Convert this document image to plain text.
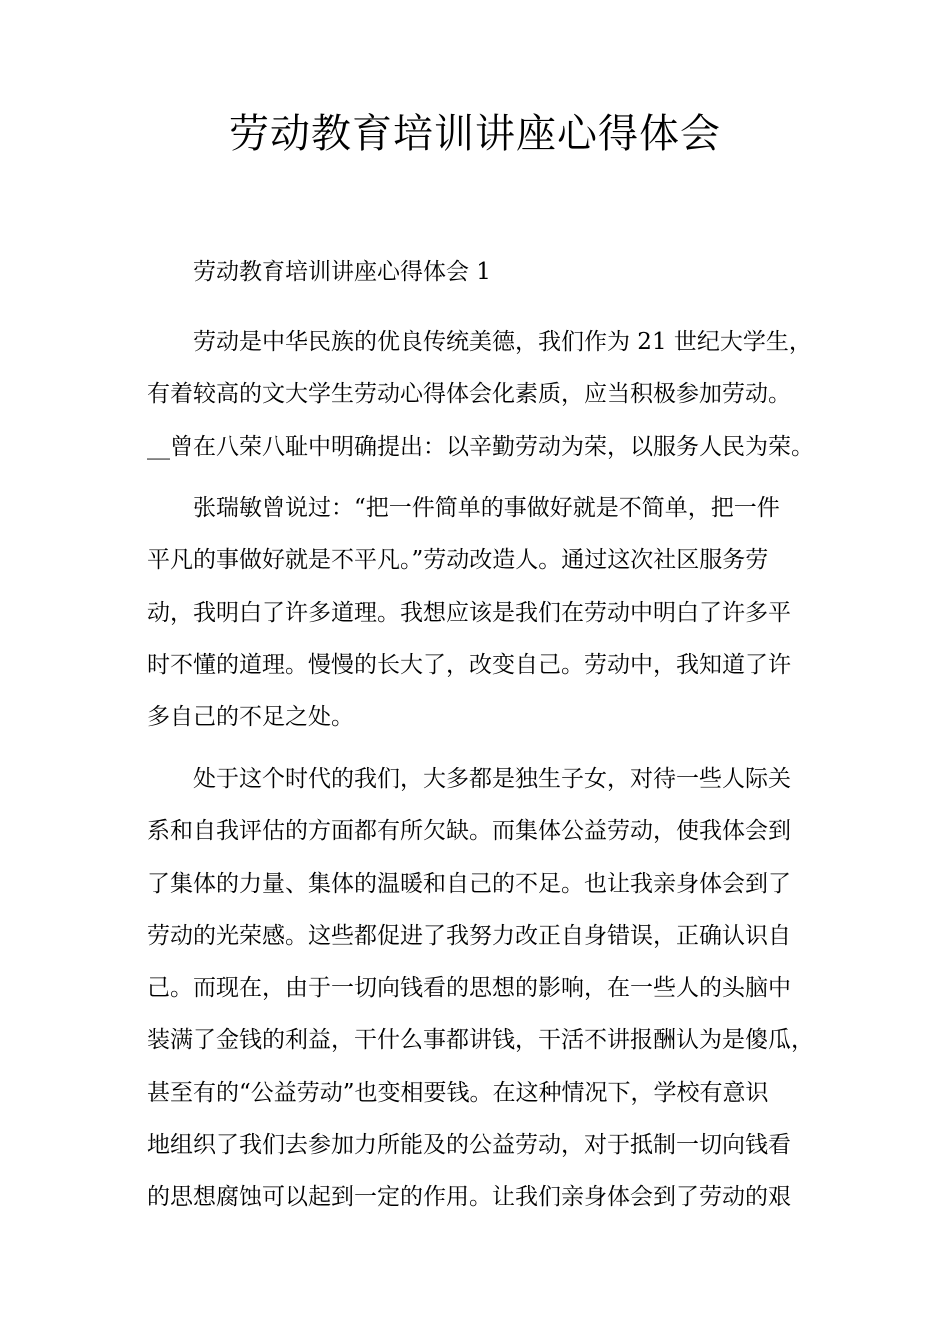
劳动教育培训讲座心得体会

劳动教育培训讲座心得体会 1

劳动是中华民族的优良传统美德，我们作为 21 世纪大学生，
有着较高的文大学生劳动心得体会化素质，应当积极参加劳动。
__曾在八荣八耻中明确提出：以辛勤劳动为荣，以服务人民为荣。
张瑞敏曾说过：“把一件简单的事做好就是不简单，把一件
平凡的事做好就是不平凡。”劳动改造人。通过这次社区服务劳
动，我明白了许多道理。我想应该是我们在劳动中明白了许多平
时不懂的道理。慢慢的长大了，改变自己。劳动中，我知道了许
多自己的不足之处。
处于这个时代的我们，大多都是独生子女，对待一些人际关
系和自我评估的方面都有所欠缺。而集体公益劳动，使我体会到
了集体的力量、集体的温暖和自己的不足。也让我亲身体会到了
劳动的光荣感。这些都促进了我努力改正自身错误，正确认识自
己。而现在，由于一切向钱看的思想的影响，在一些人的头脑中
装满了金钱的利益，干什么事都讲钱，干活不讲报酬认为是傻瓜，
甚至有的“公益劳动”也变相要钱。在这种情况下，学校有意识
地组织了我们去参加力所能及的公益劳动，对于抵制一切向钱看
的思想腐蚀可以起到一定的作用。让我们亲身体会到了劳动的艰
